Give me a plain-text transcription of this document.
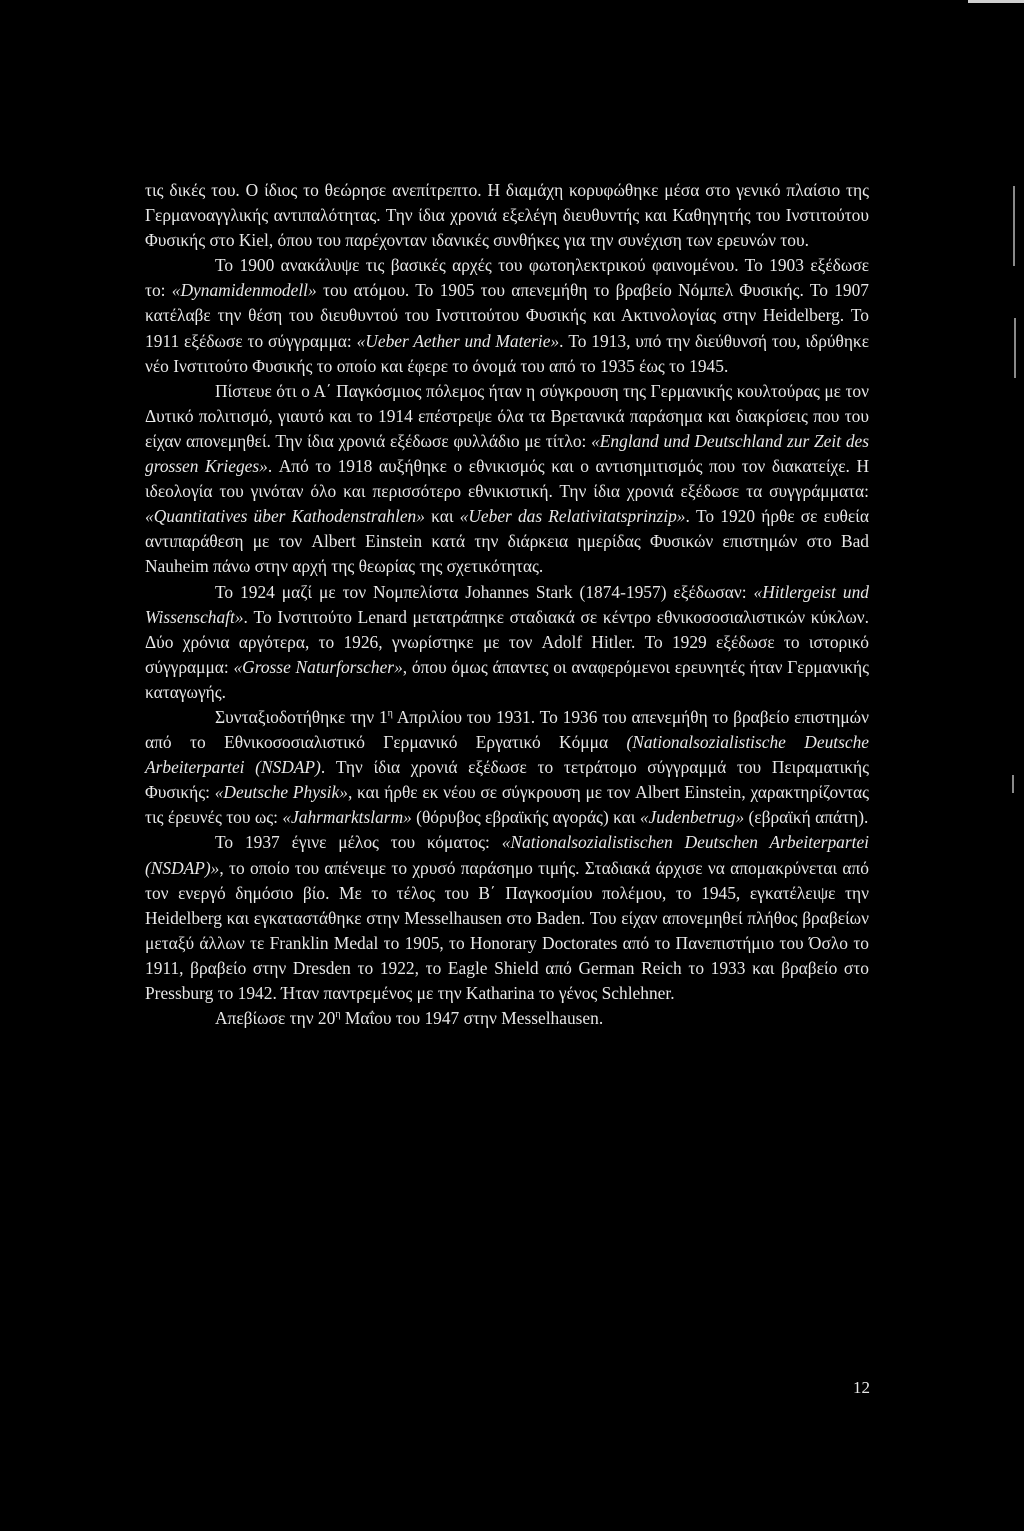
τις δικές του. Ο ίδιος το θεώρησε ανεπίτρεπτο. Η διαμάχη κορυφώθηκε μέσα στο γενικό πλαίσιο της Γερμανοαγγλικής αντιπαλότητας. Την ίδια χρονιά εξελέγη διευθυντής και Καθηγητής του Ινστιτούτου Φυσικής στο Kiel, όπου του παρέχονταν ιδανικές συνθήκες για την συνέχιση των ερευνών του.

Το 1900 ανακάλυψε τις βασικές αρχές του φωτοηλεκτρικού φαινομένου. Το 1903 εξέδωσε το: «Dynamidenmodell» του ατόμου. Το 1905 του απενεμήθη το βραβείο Νόμπελ Φυσικής. Το 1907 κατέλαβε την θέση του διευθυντού του Ινστιτούτου Φυσικής και Ακτινολογίας στην Heidelberg. Το 1911 εξέδωσε το σύγγραμμα: «Ueber Aether und Materie». Το 1913, υπό την διεύθυνσή του, ιδρύθηκε νέο Ινστιτούτο Φυσικής το οποίο και έφερε το όνομά του από το 1935 έως το 1945.

Πίστευε ότι ο Α΄ Παγκόσμιος πόλεμος ήταν η σύγκρουση της Γερμανικής κουλτούρας με τον Δυτικό πολιτισμό, γιαυτό και το 1914 επέστρεψε όλα τα Βρετανικά παράσημα και διακρίσεις που του είχαν απονεμηθεί. Την ίδια χρονιά εξέδωσε φυλλάδιο με τίτλο: «England und Deutschland zur Zeit des grossen Krieges». Από το 1918 αυξήθηκε ο εθνικισμός και ο αντισημιτισμός που τον διακατείχε. Η ιδεολογία του γινόταν όλο και περισσότερο εθνικιστική. Την ίδια χρονιά εξέδωσε τα συγγράμματα: «Quantitatives über Kathodenstrahlen» και «Ueber das Relativitatsprinzip». Το 1920 ήρθε σε ευθεία αντιπαράθεση με τον Albert Einstein κατά την διάρκεια ημερίδας Φυσικών επιστημών στο Bad Nauheim πάνω στην αρχή της θεωρίας της σχετικότητας.

Το 1924 μαζί με τον Νομπελίστα Johannes Stark (1874-1957) εξέδωσαν: «Hitlergeist und Wissenschaft». Το Ινστιτούτο Lenard μετατράπηκε σταδιακά σε κέντρο εθνικοσοσιαλιστικών κύκλων. Δύο χρόνια αργότερα, το 1926, γνωρίστηκε με τον Adolf Hitler. Το 1929 εξέδωσε το ιστορικό σύγγραμμα: «Grosse Naturforscher», όπου όμως άπαντες οι αναφερόμενοι ερευνητές ήταν Γερμανικής καταγωγής.

Συνταξιοδοτήθηκε την $1^\eta$ Απριλίου του 1931. Το 1936 του απενεμήθη το βραβείο επιστημών από το Εθνικοσοσιαλιστικό Γερμανικό Εργατικό Κόμμα (Nationalsozialistische Deutsche Arbeiterpartei (NSDAP). Την ίδια χρονιά εξέδωσε το τετράτομο σύγγραμμά του Πειραματικής Φυσικής: «Deutsche Physik», και ήρθε εκ νέου σε σύγκρουση με τον Albert Einstein, χαρακτηρίζοντας τις έρευνές του ως: «Jahrmarktslarm» (θόρυβος εβραϊκής αγοράς) και «Judenbetrug» (εβραϊκή απάτη).

Το 1937 έγινε μέλος του κόματος: «Nationalsozialistischen Deutschen Arbeiterpartei (NSDAP)», το οποίο του απένειμε το χρυσό παράσημο τιμής. Σταδιακά άρχισε να απομακρύνεται από τον ενεργό δημόσιο βίο. Με το τέλος του Β΄ Παγκοσμίου πολέμου, το 1945, εγκατέλειψε την Heidelberg και εγκαταστάθηκε στην Messelhausen στο Baden. Του είχαν απονεμηθεί πλήθος βραβείων μεταξύ άλλων τε Franklin Medal το 1905, το Honorary Doctorates από το Πανεπιστήμιο του Όσλο το 1911, βραβείο στην Dresden το 1922, το Eagle Shield από German Reich το 1933 και βραβείο στο Pressburg το 1942. Ήταν παντρεμένος με την Katharina το γένος Schlehner.

Απεβίωσε την $20^\eta$ Μαΐου του 1947 στην Messelhausen.

12
